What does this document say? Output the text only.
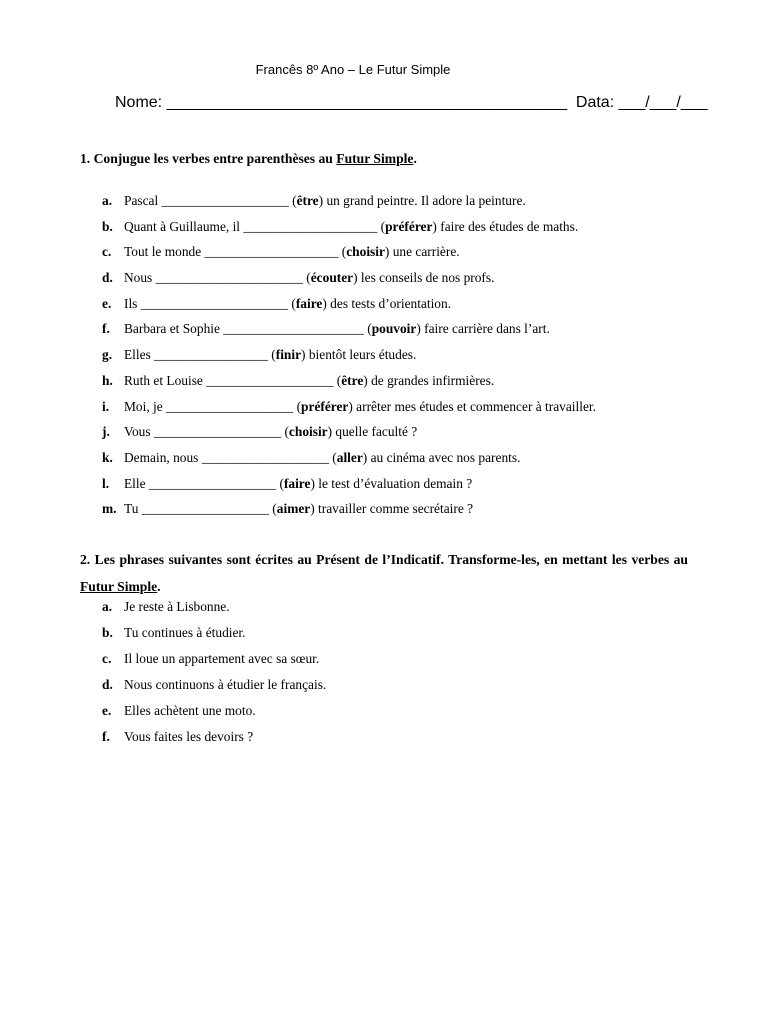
Francês 8º Ano – Le Futur Simple
Nome: _____________________________________________  Data: ___/___/___
1. Conjugue les verbes entre parenthèses au Futur Simple.
a. Pascal ___________________ (être) un grand peintre. Il adore la peinture.
b. Quant à Guillaume, il ____________________ (préférer) faire des études de maths.
c. Tout le monde ____________________ (choisir) une carrière.
d. Nous ______________________ (écouter) les conseils de nos profs.
e. Ils ______________________ (faire) des tests d’orientation.
f. Barbara et Sophie _____________________ (pouvoir) faire carrière dans l’art.
g. Elles _________________ (finir) bientôt leurs études.
h. Ruth et Louise ___________________ (être) de grandes infirmières.
i. Moi, je ___________________ (préférer) arrêter mes études et commencer à travailler.
j. Vous ___________________ (choisir) quelle faculté ?
k. Demain, nous ___________________ (aller) au cinéma avec nos parents.
l. Elle ___________________ (faire) le test d’évaluation demain ?
m. Tu ___________________ (aimer) travailler comme secrétaire ?
2. Les phrases suivantes sont écrites au Présent de l’Indicatif. Transforme-les, en mettant les verbes au Futur Simple.
a. Je reste à Lisbonne.
b. Tu continues à étudier.
c. Il loue un appartement avec sa sœur.
d. Nous continuons à étudier le français.
e. Elles achètent une moto.
f. Vous faites les devoirs ?
